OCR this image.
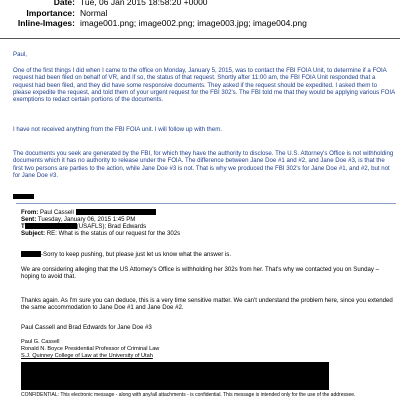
Date: Tue, 06 Jan 2015 18:58:20 +0000
Importance: Normal
Inline-Images: image001.png; image002.png; image003.jpg; image004.png

Paul,

One of the first things I did when I came to the office on Monday, January 5, 2015, was to contact the FBI FOIA Unit, to determine if a FOIA request had been filed on behalf of VR, and if so, the status of that request. Shortly after 11:00 am, the FBI FOIA Unit responded that a request had been filed, and they did have some responsive documents. They asked if the request should be expedited. I asked them to please expedite the request, and told them of your urgent request for the FBI 302's. The FBI told me that they would be applying various FOIA exemptions to redact certain portions of the documents.

I have not received anything from the FBI FOIA unit. I will follow up with them.

The documents you seek are generated by the FBI, for which they have the authority to disclose. The U.S. Attorney's Office is not withholding documents which it has no authority to release under the FOIA. The difference between Jane Doe #1 and #2, and Jane Doe #3, is that the first two persons are parties to the action, while Jane Doe #3 is not. That is why we produced the FBI 302's for Jane Doe #1, and #2, but not for Jane Doe #3.

From: Paul Cassell
Sent: Tuesday, January 06, 2015 1:45 PM
T	(USAFLS); Brad Edwards
Subject: RE: What is the status of our request for the 302s
-Sorry to keep pushing, but please just let us know what the answer is.

We are considering alleging that the US Attorney's Office is withholding her 302s from her. That's why we contacted you on Sunday – hoping to avoid that.

Thanks again. As I'm sure you can deduce, this is a very time sensitive matter. We can't understand the problem here, since you extended the same accommodation to Jane Doe #1 and Jane Doe #2.

Paul Cassell and Brad Edwards for Jane Doe #3

Paul G. Cassell
Ronald N. Boyce Presidential Professor of Criminal Law
S.J. Quinney College of Law at the University of Utah
CONFIDENTIAL: This electronic message - along with any/all attachments - is confidential. This message is intended only for the use of the addressee.
